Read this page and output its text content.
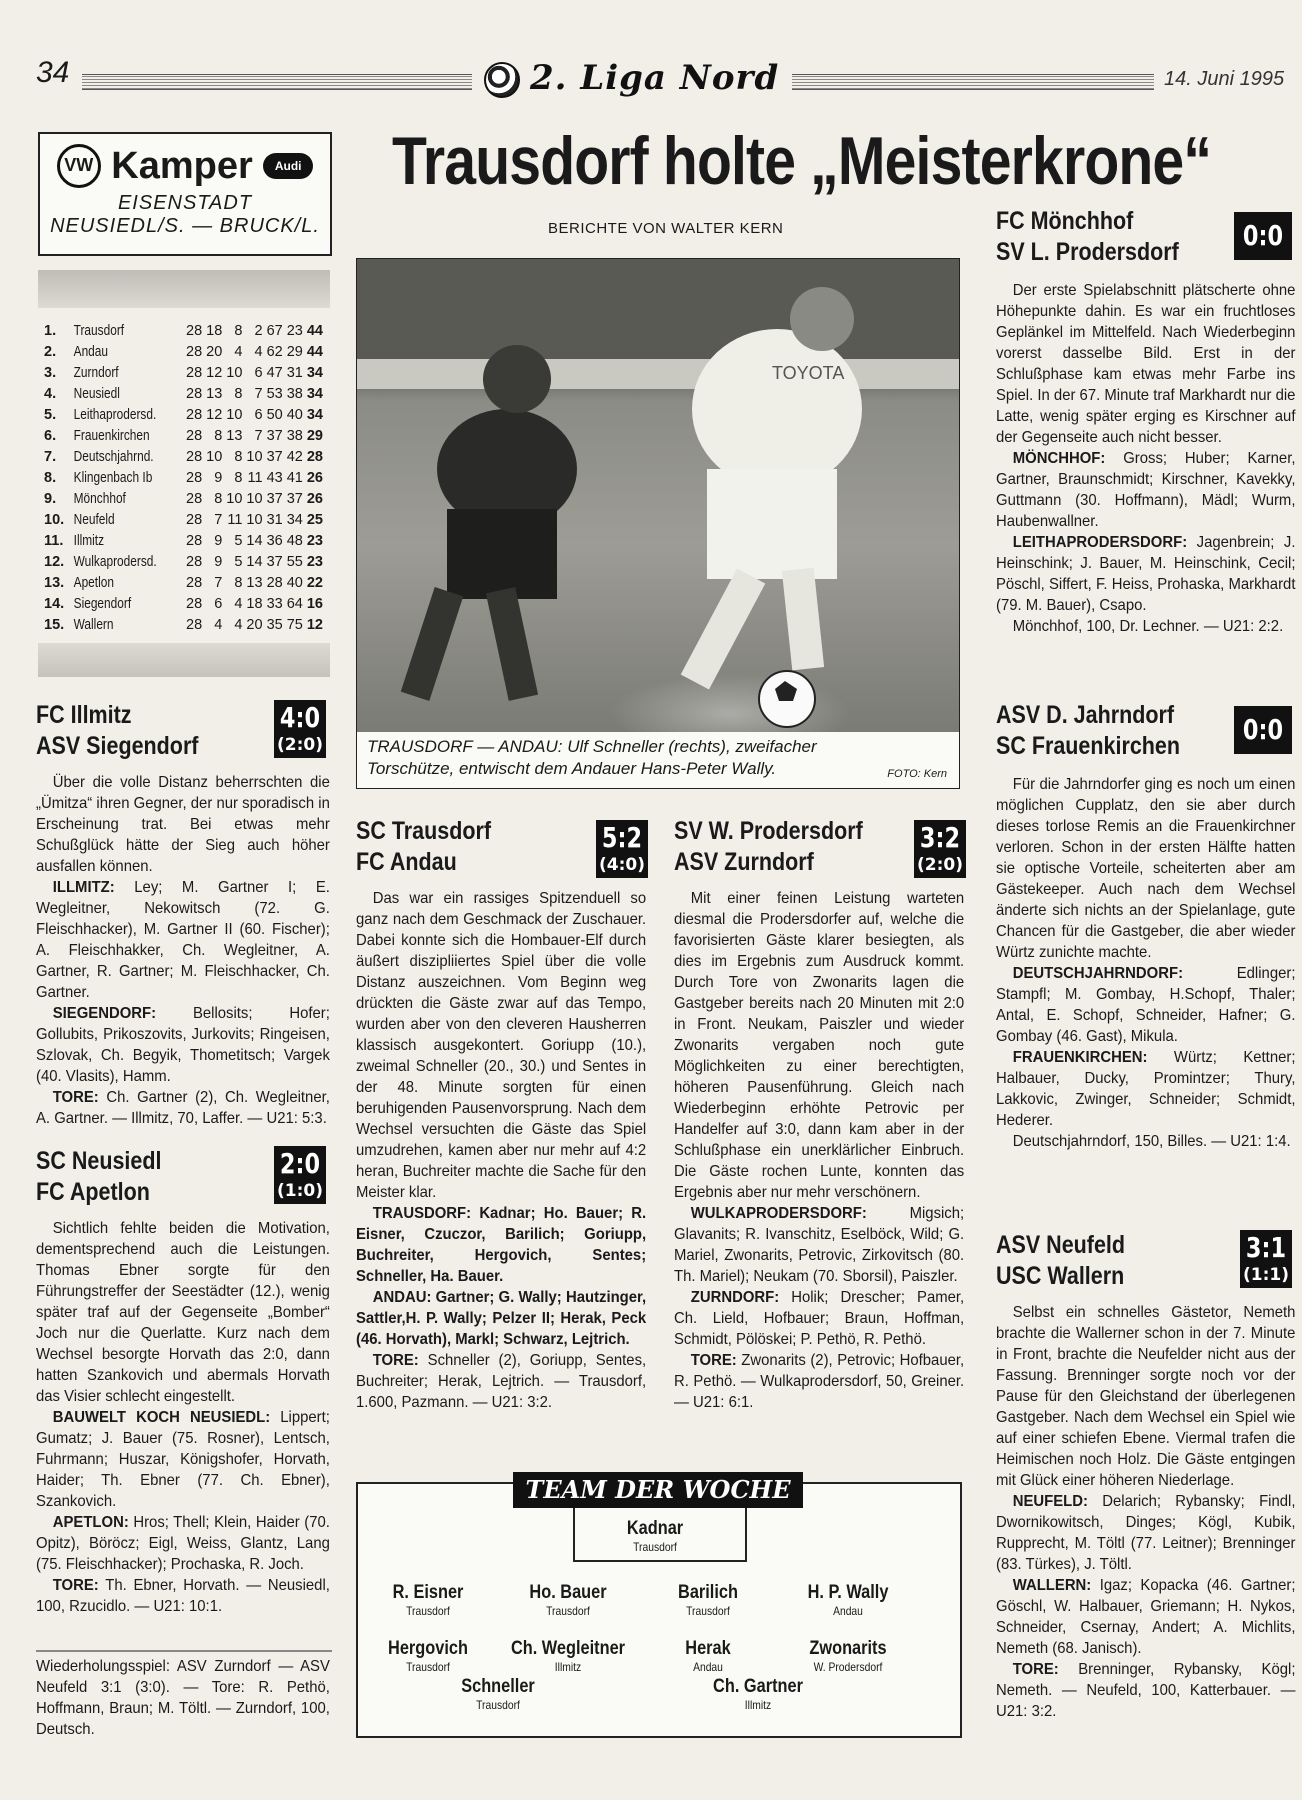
34	2. Liga Nord	14. Juni 1995
VW Kamper Audi
EISENSTADT
NEUSIEDL/S. — BRUCK/L.
1.	Trausdorf	28	18	8	2	67	23	44
2.	Andau	28	20	4	4	62	29	44
3.	Zurndorf	28	12	10	6	47	31	34
4.	Neusiedl	28	13	8	7	53	38	34
5.	Leithaprodersd.	28	12	10	6	50	40	34
6.	Frauenkirchen	28	8	13	7	37	38	29
7.	Deutschjahrnd.	28	10	8	10	37	42	28
8.	Klingenbach Ib	28	9	8	11	43	41	26
9.	Mönchhof	28	8	10	10	37	37	26
10.	Neufeld	28	7	11	10	31	34	25
11.	Illmitz	28	9	5	14	36	48	23
12.	Wulkaprodersd.	28	9	5	14	37	55	23
13.	Apetlon	28	7	8	13	28	40	22
14.	Siegendorf	28	6	4	18	33	64	16
15.	Wallern	28	4	4	20	35	75	12
Trausdorf holte „Meisterkrone“
BERICHTE VON WALTER KERN
TOYOTA
TRAUSDORF — ANDAU: Ulf Schneller (rechts), zweifacher Torschütze, entwischt dem Andauer Hans-Peter Wally.	FOTO: Kern
FC Illmitz
ASV Siegendorf
4:0
(2:0)

Über die volle Distanz beherrschten die „Ümitza“ ihren Gegner, der nur sporadisch in Erscheinung trat. Bei etwas mehr Schußglück hätte der Sieg auch höher ausfallen können.

ILLMITZ: Ley; M. Gartner I; E. Wegleitner, Nekowitsch (72. G. Fleischhacker), M. Gartner II (60. Fischer); A. Fleischhakker, Ch. Wegleitner, A. Gartner, R. Gartner; M. Fleischhacker, Ch. Gartner.

SIEGENDORF: Bellosits; Hofer; Gollubits, Prikoszovits, Jurkovits; Ringeisen, Szlovak, Ch. Begyik, Thometitsch; Vargek (40. Vlasits), Hamm.

TORE: Ch. Gartner (2), Ch. Wegleitner, A. Gartner. — Illmitz, 70, Laffer. — U21: 5:3.

SC Neusiedl
FC Apetlon
2:0
(1:0)

Sichtlich fehlte beiden die Motivation, dementsprechend auch die Leistungen. Thomas Ebner sorgte für den Führungstreffer der Seestädter (12.), wenig später traf auf der Gegenseite „Bomber“ Joch nur die Querlatte. Kurz nach dem Wechsel besorgte Horvath das 2:0, dann hatten Szankovich und abermals Horvath das Visier schlecht eingestellt.

BAUWELT KOCH NEUSIEDL: Lippert; Gumatz; J. Bauer (75. Rosner), Lentsch, Fuhrmann; Huszar, Königshofer, Horvath, Haider; Th. Ebner (77. Ch. Ebner), Szankovich.

APETLON: Hros; Thell; Klein, Haider (70. Opitz), Böröcz; Eigl, Weiss, Glantz, Lang (75. Fleischhacker); Prochaska, R. Joch.

TORE: Th. Ebner, Horvath. — Neusiedl, 100, Rzucidlo. — U21: 10:1.

Wiederholungsspiel: ASV Zurndorf — ASV Neufeld 3:1 (3:0). — Tore: R. Pethö, Hoffmann, Braun; M. Töltl. — Zurndorf, 100, Deutsch.

SC Trausdorf
FC Andau
5:2
(4:0)

Das war ein rassiges Spitzenduell so ganz nach dem Geschmack der Zuschauer. Dabei konnte sich die Hombauer-Elf durch äußert diszipliiertes Spiel über die volle Distanz auszeichnen. Vom Beginn weg drückten die Gäste zwar auf das Tempo, wurden aber von den cleveren Hausherren klassisch ausgekontert. Goriupp (10.), zweimal Schneller (20., 30.) und Sentes in der 48. Minute sorgten für einen beruhigenden Pausenvorsprung. Nach dem Wechsel versuchten die Gäste das Spiel umzudrehen, kamen aber nur mehr auf 4:2 heran, Buchreiter machte die Sache für den Meister klar.

TRAUSDORF: Kadnar; Ho. Bauer; R. Eisner, Czuczor, Barilich; Goriupp, Buchreiter, Hergovich, Sentes; Schneller, Ha. Bauer.

ANDAU: Gartner; G. Wally; Hautzinger, Sattler,H. P. Wally; Pelzer II; Herak, Peck (46. Horvath), Markl; Schwarz, Lejtrich.

TORE: Schneller (2), Goriupp, Sentes, Buchreiter; Herak, Lejtrich. — Trausdorf, 1.600, Pazmann. — U21: 3:2.

SV W. Prodersdorf
ASV Zurndorf
3:2
(2:0)

Mit einer feinen Leistung warteten diesmal die Prodersdorfer auf, welche die favorisierten Gäste klarer besiegten, als dies im Ergebnis zum Ausdruck kommt. Durch Tore von Zwonarits lagen die Gastgeber bereits nach 20 Minuten mit 2:0 in Front. Neukam, Paiszler und wieder Zwonarits vergaben noch gute Möglichkeiten zu einer berechtigten, höheren Pausenführung. Gleich nach Wiederbeginn erhöhte Petrovic per Handelfer auf 3:0, dann kam aber in der Schlußphase ein unerklärlicher Einbruch. Die Gäste rochen Lunte, konnten das Ergebnis aber nur mehr verschönern.

WULKAPRODERSDORF: Migsich; Glavanits; R. Ivanschitz, Eselböck, Wild; G. Mariel, Zwonarits, Petrovic, Zirkovitsch (80. Th. Mariel); Neukam (70. Sborsil), Paiszler.

ZURNDORF: Holik; Drescher; Pamer, Ch. Lield, Hofbauer; Braun, Hoffman, Schmidt, Pölöskei; P. Pethö, R. Pethö.

TORE: Zwonarits (2), Petrovic; Hofbauer, R. Pethö. — Wulkaprodersdorf, 50, Greiner. — U21: 6:1.

TEAM DER WOCHE
Kadnar
Trausdorf
R. Eisner
Trausdorf
Ho. Bauer
Trausdorf
Barilich
Trausdorf
H. P. Wally
Andau
Hergovich
Trausdorf
Ch. Wegleitner
Illmitz
Herak
Andau
Zwonarits
W. Prodersdorf
Schneller
Trausdorf
Ch. Gartner
Illmitz
FC Mönchhof
SV L. Prodersdorf	0:0

Der erste Spielabschnitt plätscherte ohne Höhepunkte dahin. Es war ein fruchtloses Geplänkel im Mittelfeld. Nach Wiederbeginn vorerst dasselbe Bild. Erst in der Schlußphase kam etwas mehr Farbe ins Spiel. In der 67. Minute traf Markhardt nur die Latte, wenig später erging es Kirschner auf der Gegenseite auch nicht besser.

MÖNCHHOF: Gross; Huber; Karner, Gartner, Braunschmidt; Kirschner, Kavekky, Guttmann (30. Hoffmann), Mädl; Wurm, Haubenwallner.

LEITHAPRODERSDORF: Jagenbrein; J. Heinschink; J. Bauer, M. Heinschink, Cecil; Pöschl, Siffert, F. Heiss, Prohaska, Markhardt (79. M. Bauer), Csapo.

Mönchhof, 100, Dr. Lechner. — U21: 2:2.

ASV D. Jahrndorf
SC Frauenkirchen	0:0

Für die Jahrndorfer ging es noch um einen möglichen Cupplatz, den sie aber durch dieses torlose Remis an die Frauenkirchner verloren. Schon in der ersten Hälfte hatten sie optische Vorteile, scheiterten aber am Gästekeeper. Auch nach dem Wechsel änderte sich nichts an der Spielanlage, gute Chancen für die Gastgeber, die aber wieder Würtz zunichte machte.

DEUTSCHJAHRNDORF: Edlinger; Stampfl; M. Gombay, H.Schopf, Thaler; Antal, E. Schopf, Schneider, Hafner; G. Gombay (46. Gast), Mikula.

FRAUENKIRCHEN: Würtz; Kettner; Halbauer, Ducky, Promintzer; Thury, Lakkovic, Zwinger, Schneider; Schmidt, Hederer.

Deutschjahrndorf, 150, Billes. — U21: 1:4.

ASV Neufeld
USC Wallern
3:1
(1:1)

Selbst ein schnelles Gästetor, Nemeth brachte die Wallerner schon in der 7. Minute in Front, brachte die Neufelder nicht aus der Fassung. Brenninger sorgte noch vor der Pause für den Gleichstand der überlegenen Gastgeber. Nach dem Wechsel ein Spiel wie auf einer schiefen Ebene. Viermal trafen die Heimischen noch Holz. Die Gäste entgingen mit Glück einer höheren Niederlage.

NEUFELD: Delarich; Rybansky; Findl, Dwornikowitsch, Dinges; Kögl, Kubik, Rupprecht, M. Töltl (77. Leitner); Brenninger (83. Türkes), J. Töltl.

WALLERN: Igaz; Kopacka (46. Gartner; Göschl, W. Halbauer, Griemann; H. Nykos, Schneider, Csernay, Andert; A. Michlits, Nemeth (68. Janisch).

TORE: Brenninger, Rybansky, Kögl; Nemeth. — Neufeld, 100, Katterbauer. — U21: 3:2.
